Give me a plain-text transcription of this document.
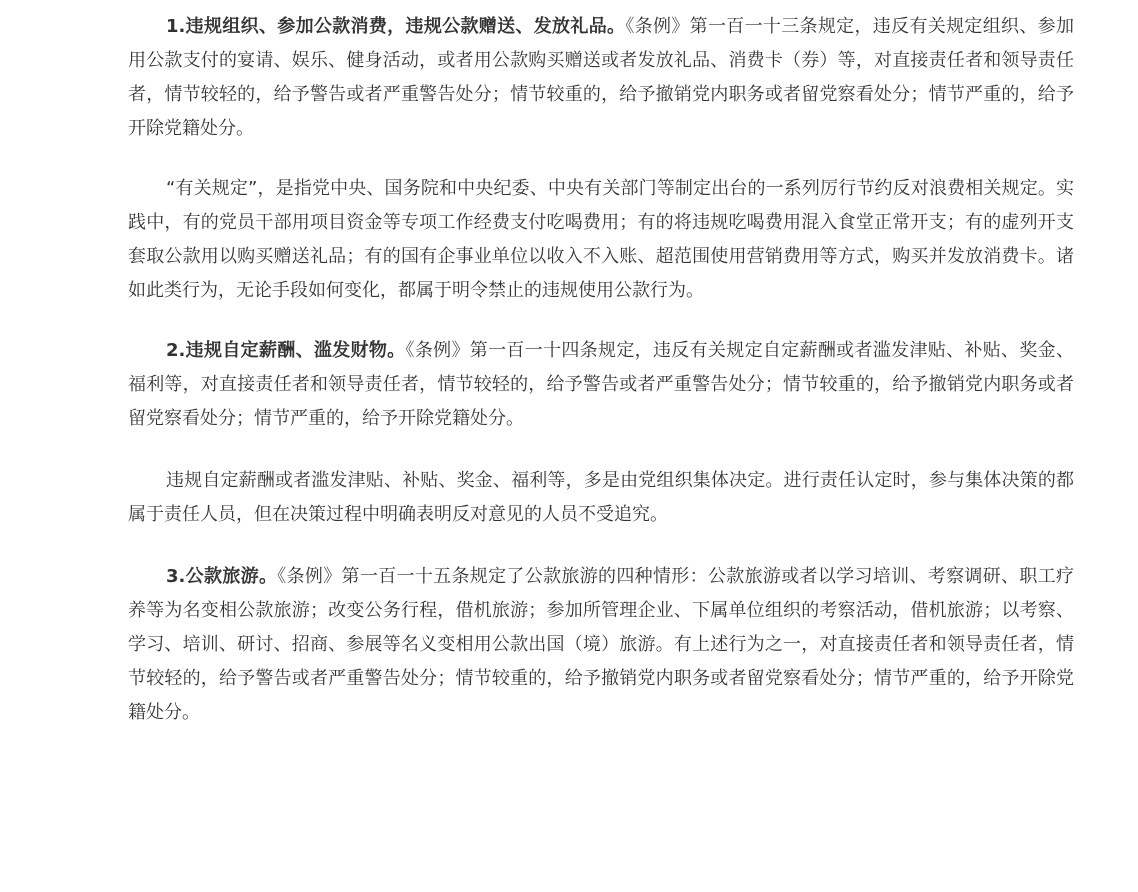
1.违规组织、参加公款消费，违规公款赠送、发放礼品。《条例》第一百一十三条规定，违反有关规定组织、参加用公款支付的宴请、娱乐、健身活动，或者用公款购买赠送或者发放礼品、消费卡（券）等，对直接责任者和领导责任者，情节较轻的，给予警告或者严重警告处分；情节较重的，给予撤销党内职务或者留党察看处分；情节严重的，给予开除党籍处分。

“有关规定”，是指党中央、国务院和中央纪委、中央有关部门等制定出台的一系列厉行节约反对浪费相关规定。实践中，有的党员干部用项目资金等专项工作经费支付吃喝费用；有的将违规吃喝费用混入食堂正常开支；有的虚列开支套取公款用以购买赠送礼品；有的国有企事业单位以收入不入账、超范围使用营销费用等方式，购买并发放消费卡。诸如此类行为，无论手段如何变化，都属于明令禁止的违规使用公款行为。

2.违规自定薪酬、滥发财物。《条例》第一百一十四条规定，违反有关规定自定薪酬或者滥发津贴、补贴、奖金、福利等，对直接责任者和领导责任者，情节较轻的，给予警告或者严重警告处分；情节较重的，给予撤销党内职务或者留党察看处分；情节严重的，给予开除党籍处分。

违规自定薪酬或者滥发津贴、补贴、奖金、福利等，多是由党组织集体决定。进行责任认定时，参与集体决策的都属于责任人员，但在决策过程中明确表明反对意见的人员不受追究。

3.公款旅游。《条例》第一百一十五条规定了公款旅游的四种情形：公款旅游或者以学习培训、考察调研、职工疗养等为名变相公款旅游；改变公务行程，借机旅游；参加所管理企业、下属单位组织的考察活动，借机旅游；以考察、学习、培训、研讨、招商、参展等名义变相用公款出国（境）旅游。有上述行为之一，对直接责任者和领导责任者，情节较轻的，给予警告或者严重警告处分；情节较重的，给予撤销党内职务或者留党察看处分；情节严重的，给予开除党籍处分。
